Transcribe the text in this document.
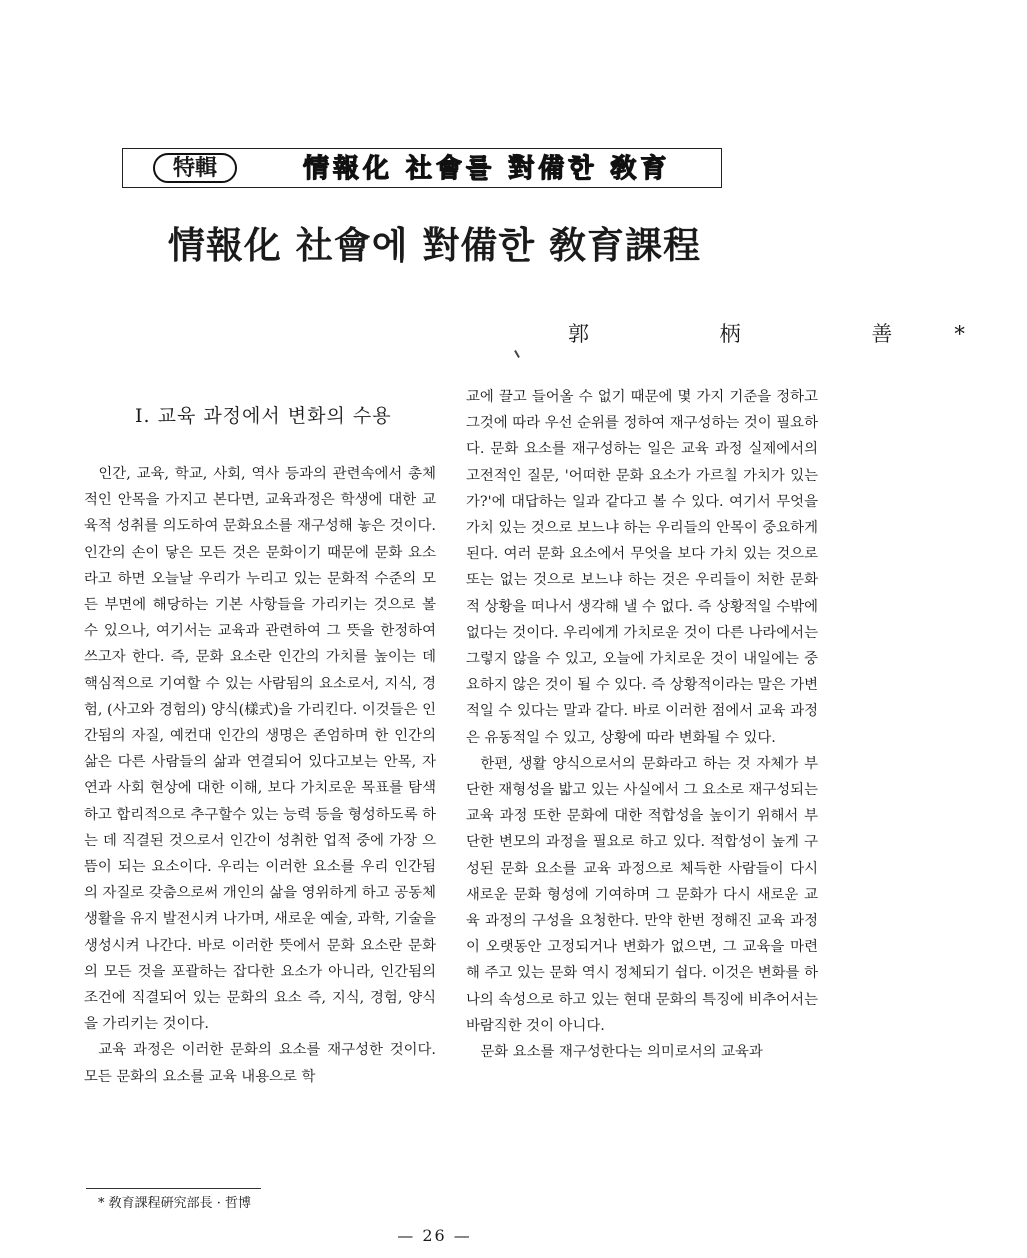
特輯	情報化 社會를 對備한 敎育
情報化 社會에 對備한 敎育課程
郭 柄 善*
Ⅰ. 교육 과정에서 변화의 수용

인간, 교육, 학교, 사회, 역사 등과의 관련속에서 총체적인 안목을 가지고 본다면, 교육과정은 학생에 대한 교육적 성취를 의도하여 문화요소를 재구성해 놓은 것이다. 인간의 손이 닿은 모든 것은 문화이기 때문에 문화 요소라고 하면 오늘날 우리가 누리고 있는 문화적 수준의 모든 부면에 해당하는 기본 사항들을 가리키는 것으로 볼 수 있으나, 여기서는 교육과 관련하여 그 뜻을 한정하여 쓰고자 한다. 즉, 문화 요소란 인간의 가치를 높이는 데 핵심적으로 기여할 수 있는 사람됨의 요소로서, 지식, 경험, (사고와 경험의) 양식(樣式)을 가리킨다. 이것들은 인간됨의 자질, 예컨대 인간의 생명은 존엄하며 한 인간의 삶은 다른 사람들의 삶과 연결되어 있다고보는 안목, 자연과 사회 현상에 대한 이해, 보다 가치로운 목표를 탐색하고 합리적으로 추구할수 있는 능력 등을 형성하도록 하는 데 직결된 것으로서 인간이 성취한 업적 중에 가장 으뜸이 되는 요소이다. 우리는 이러한 요소를 우리 인간됨의 자질로 갖춤으로써 개인의 삶을 영위하게 하고 공동체 생활을 유지 발전시켜 나가며, 새로운 예술, 과학, 기술을 생성시켜 나간다. 바로 이러한 뜻에서 문화 요소란 문화의 모든 것을 포괄하는 잡다한 요소가 아니라, 인간됨의 조건에 직결되어 있는 문화의 요소 즉, 지식, 경험, 양식을 가리키는 것이다.

교육 과정은 이러한 문화의 요소를 재구성한 것이다. 모든 문화의 요소를 교육 내용으로 학

교에 끌고 들어올 수 없기 때문에 몇 가지 기준을 정하고 그것에 따라 우선 순위를 정하여 재구성하는 것이 필요하다. 문화 요소를 재구성하는 일은 교육 과정 실제에서의 고전적인 질문, '어떠한 문화 요소가 가르칠 가치가 있는가?'에 대답하는 일과 같다고 볼 수 있다. 여기서 무엇을 가치 있는 것으로 보느냐 하는 우리들의 안목이 중요하게 된다. 여러 문화 요소에서 무엇을 보다 가치 있는 것으로 또는 없는 것으로 보느냐 하는 것은 우리들이 처한 문화적 상황을 떠나서 생각해 낼 수 없다. 즉 상황적일 수밖에 없다는 것이다. 우리에게 가치로운 것이 다른 나라에서는 그렇지 않을 수 있고, 오늘에 가치로운 것이 내일에는 중요하지 않은 것이 될 수 있다. 즉 상황적이라는 말은 가변적일 수 있다는 말과 같다. 바로 이러한 점에서 교육 과정은 유동적일 수 있고, 상황에 따라 변화될 수 있다.

한편, 생활 양식으로서의 문화라고 하는 것 자체가 부단한 재형성을 밟고 있는 사실에서 그 요소로 재구성되는 교육 과정 또한 문화에 대한 적합성을 높이기 위해서 부단한 변모의 과정을 필요로 하고 있다. 적합성이 높게 구성된 문화 요소를 교육 과정으로 체득한 사람들이 다시 새로운 문화 형성에 기여하며 그 문화가 다시 새로운 교육 과정의 구성을 요청한다. 만약 한번 정해진 교육 과정이 오랫동안 고정되거나 변화가 없으면, 그 교육을 마련해 주고 있는 문화 역시 정체되기 쉽다. 이것은 변화를 하나의 속성으로 하고 있는 현대 문화의 특징에 비추어서는 바람직한 것이 아니다.

문화 요소를 재구성한다는 의미로서의 교육과

* 敎育課程硏究部長 · 哲博
— 26 —
